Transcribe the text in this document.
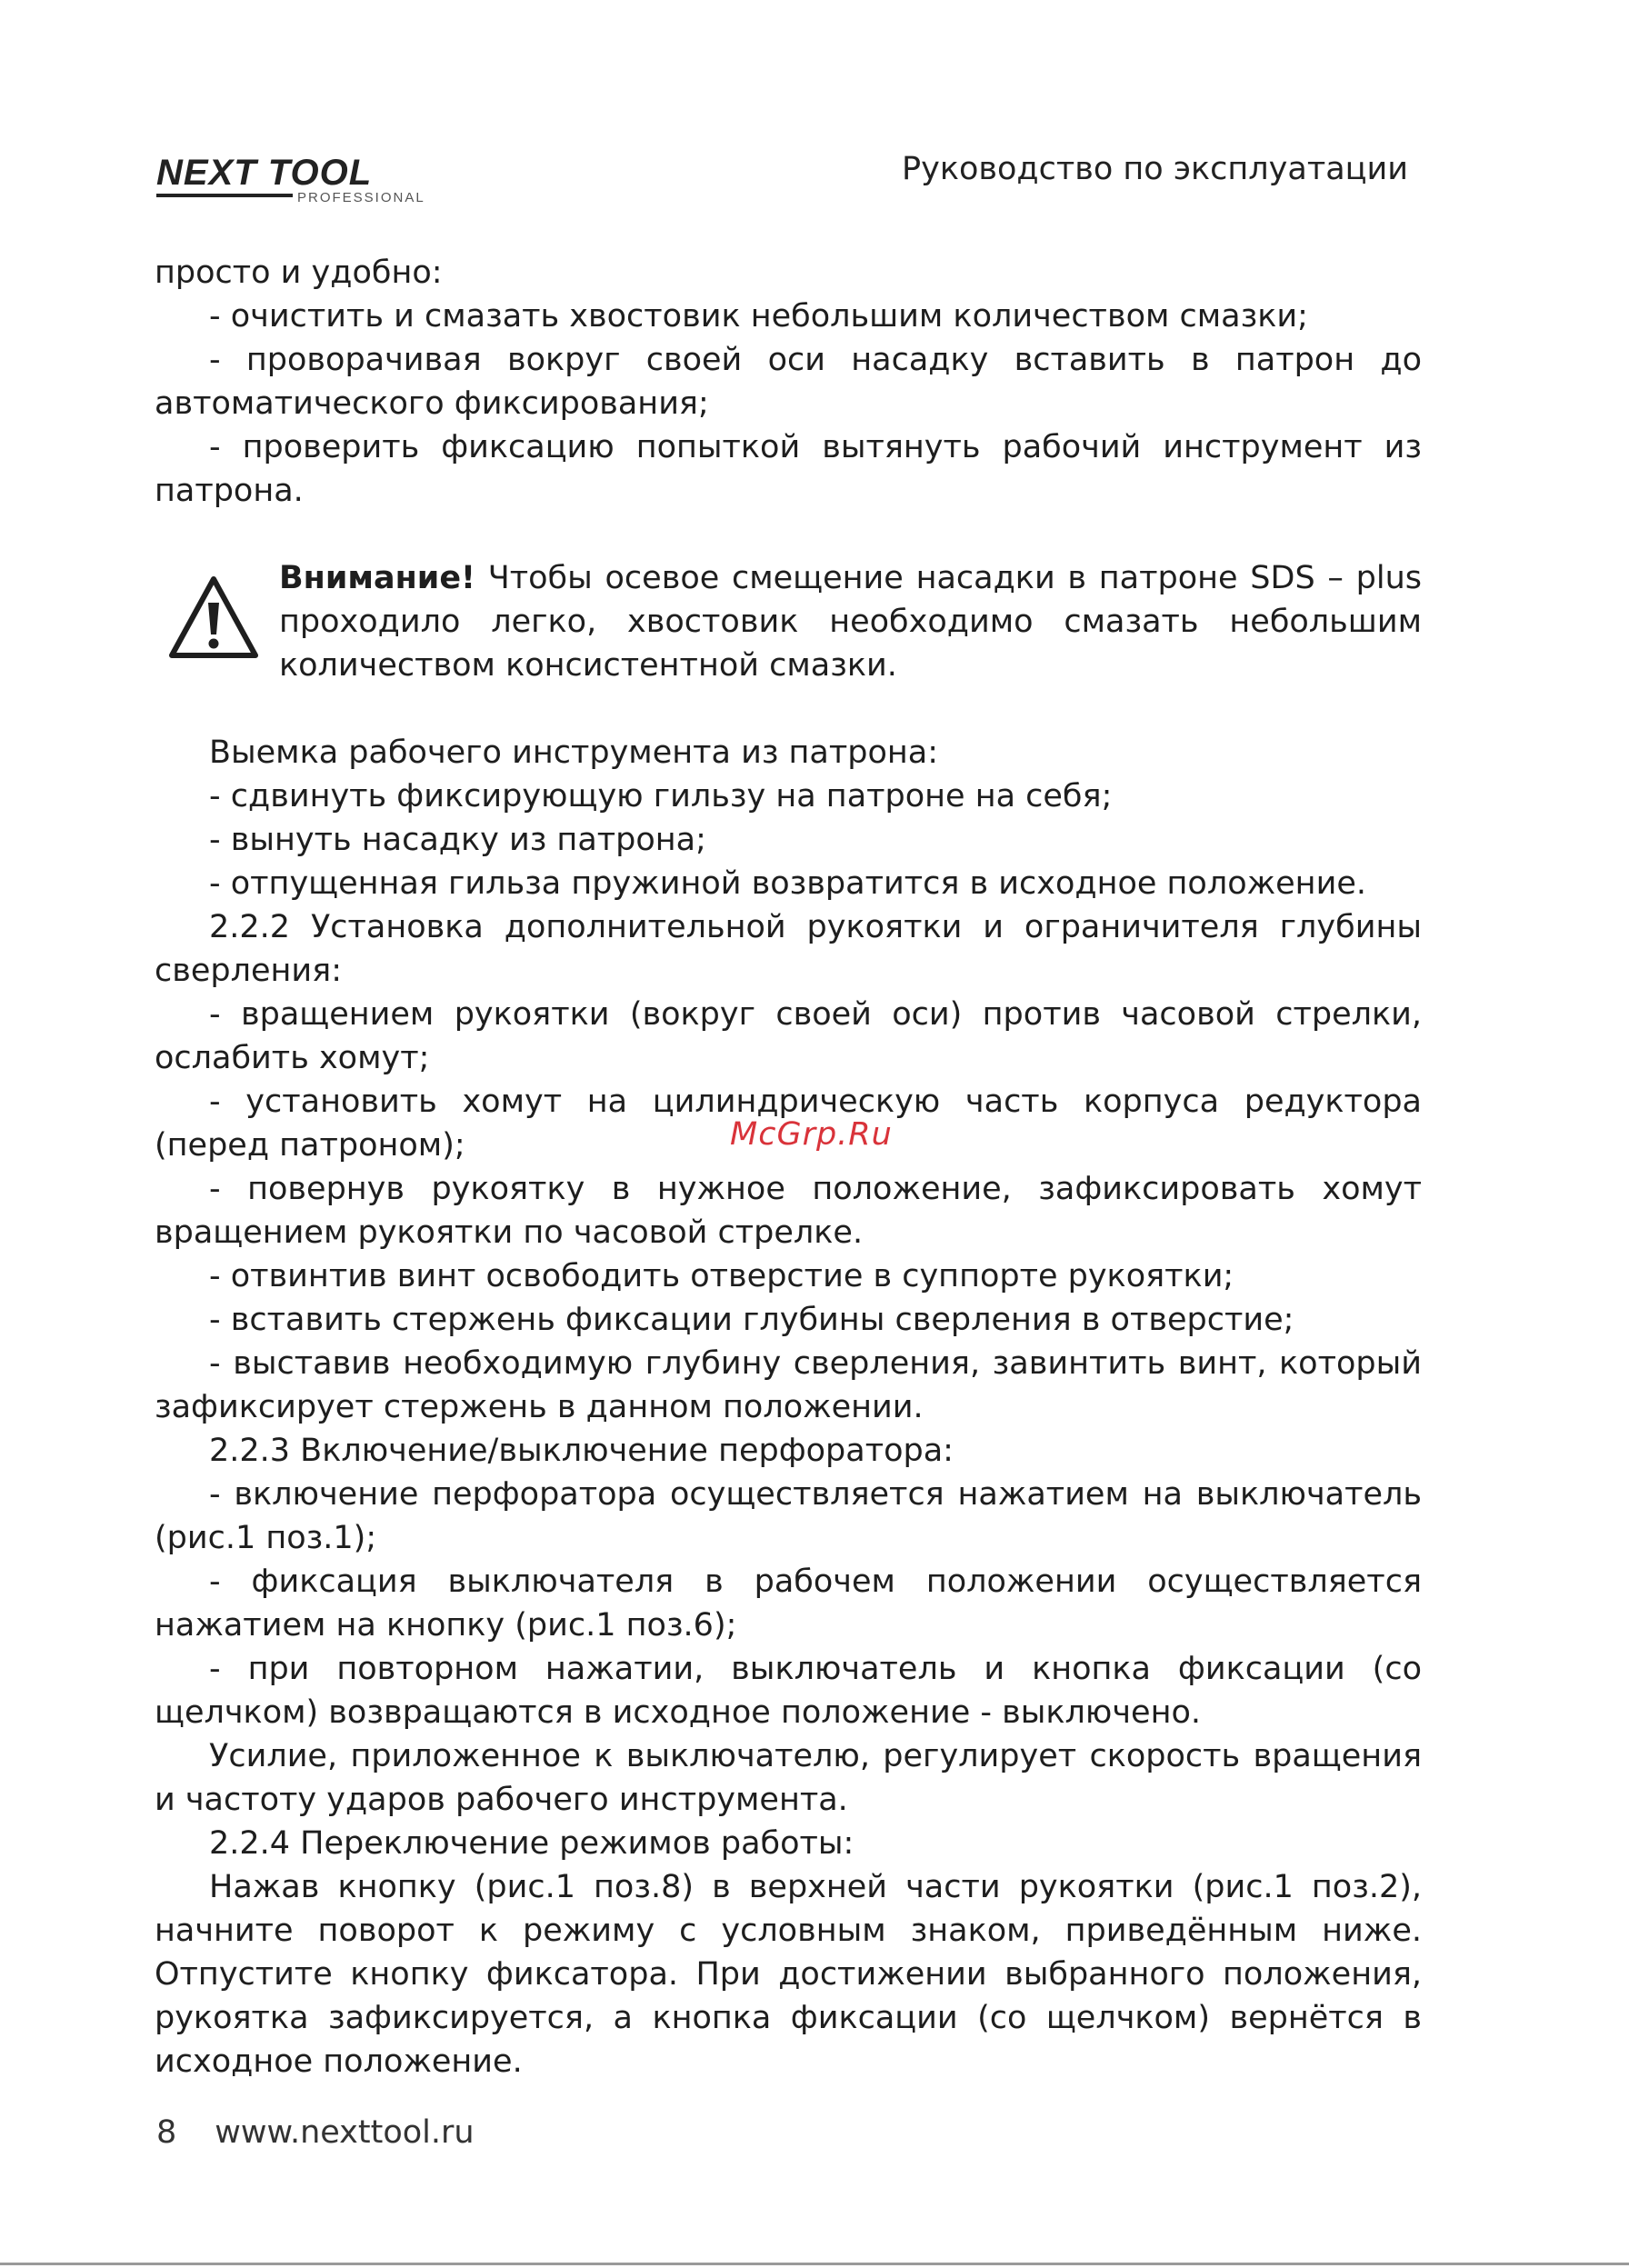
NEXT TOOL
PROFESSIONAL
Руководство по эксплуатации

просто и удобно:

- очистить и смазать хвостовик небольшим количеством смазки;

- проворачивая вокруг своей оси насадку вставить в патрон до автоматического фиксирования;

- проверить фиксацию попыткой вытянуть рабочий инструмент из патрона.

Внимание! Чтобы осевое смещение насадки в патроне SDS – plus проходило легко, хвостовик необходимо смазать небольшим количеством консистентной смазки.

Выемка рабочего инструмента из патрона:

- сдвинуть фиксирующую гильзу на патроне на себя;

- вынуть насадку из патрона;

- отпущенная гильза пружиной возвратится в исходное положение.

2.2.2 Установка дополнительной рукоятки и ограничителя глубины сверления:

- вращением рукоятки (вокруг своей оси) против часовой стрелки, ослабить хомут;

- установить хомут на цилиндрическую часть корпуса редуктора (перед патроном);

- повернув рукоятку в нужное положение, зафиксировать хомут вращением рукоятки по часовой стрелке.

- отвинтив винт освободить отверстие в суппорте рукоятки;

- вставить стержень фиксации глубины сверления в отверстие;

- выставив необходимую глубину сверления, завинтить винт, который зафиксирует стержень в данном положении.

2.2.3 Включение/выключение перфоратора:

- включение перфоратора осуществляется нажатием на выключатель (рис.1 поз.1);

- фиксация выключателя в рабочем положении осуществляется нажатием на кнопку (рис.1 поз.6);

- при повторном нажатии, выключатель и кнопка фиксации (со щелчком) возвращаются в исходное положение - выключено.

Усилие, приложенное к выключателю, регулирует скорость вращения и частоту ударов рабочего инструмента.

2.2.4 Переключение режимов работы:

Нажав кнопку (рис.1 поз.8) в верхней части рукоятки (рис.1 поз.2), начните поворот к режиму с условным знаком, приведённым ниже. Отпустите кнопку фиксатора. При достижении выбранного положения, рукоятка зафиксируется, а кнопка фиксации (со щелчком) вернётся в исходное положение.

McGrp.Ru
8 www.nexttool.ru
